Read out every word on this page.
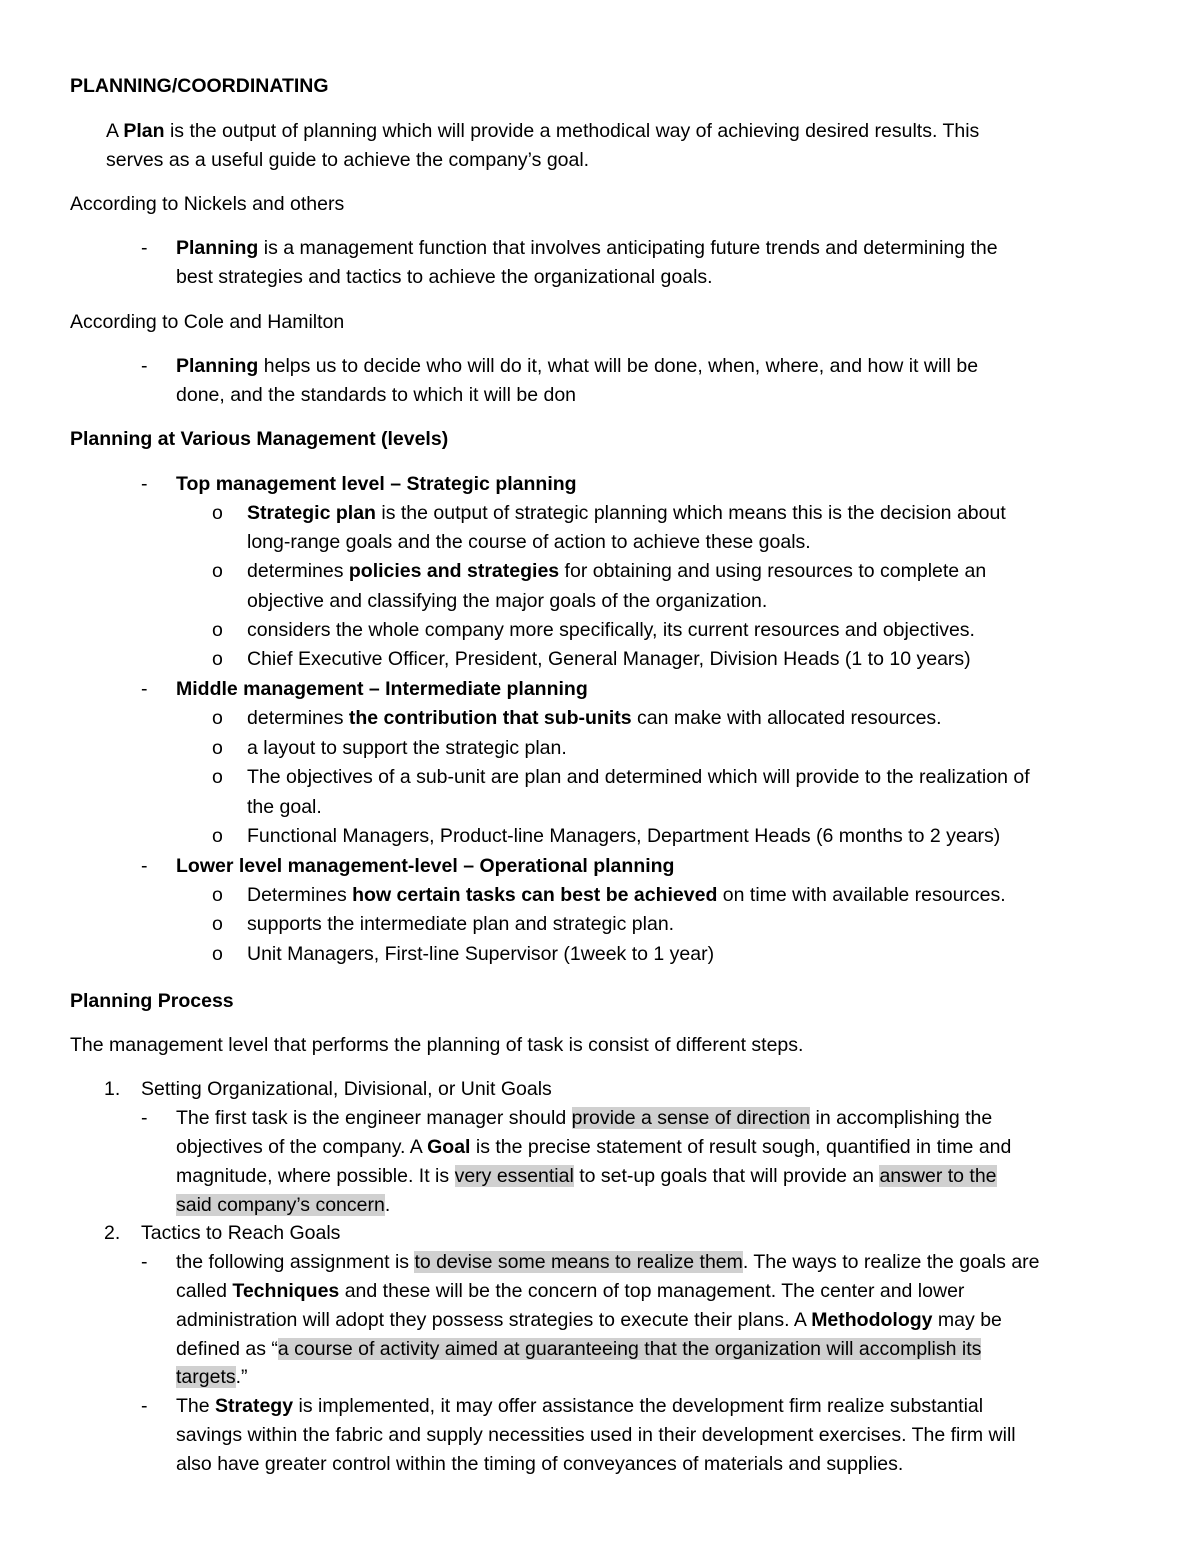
PLANNING/COORDINATING
A Plan is the output of planning which will provide a methodical way of achieving desired results. This
serves as a useful guide to achieve the company’s goal.
According to Nickels and others
- Planning is a management function that involves anticipating future trends and determining the
best strategies and tactics to achieve the organizational goals.
According to Cole and Hamilton
- Planning helps us to decide who will do it, what will be done, when, where, and how it will be
done, and the standards to which it will be don
Planning at Various Management (levels)
- Top management level – Strategic planning
o Strategic plan is the output of strategic planning which means this is the decision about
long-range goals and the course of action to achieve these goals.
o determines policies and strategies for obtaining and using resources to complete an
objective and classifying the major goals of the organization.
o considers the whole company more specifically, its current resources and objectives.
o Chief Executive Officer, President, General Manager, Division Heads (1 to 10 years)
- Middle management – Intermediate planning
o determines the contribution that sub-units can make with allocated resources.
o a layout to support the strategic plan.
o The objectives of a sub-unit are plan and determined which will provide to the realization of
the goal.
o Functional Managers, Product-line Managers, Department Heads (6 months to 2 years)
- Lower level management-level – Operational planning
o Determines how certain tasks can best be achieved on time with available resources.
o supports the intermediate plan and strategic plan.
o Unit Managers, First-line Supervisor (1week to 1 year)
Planning Process
The management level that performs the planning of task is consist of different steps.
1. Setting Organizational, Divisional, or Unit Goals
- The first task is the engineer manager should provide a sense of direction in accomplishing the
objectives of the company. A Goal is the precise statement of result sough, quantified in time and
magnitude, where possible. It is very essential to set-up goals that will provide an answer to the
said company’s concern.
2. Tactics to Reach Goals
- the following assignment is to devise some means to realize them. The ways to realize the goals are
called Techniques and these will be the concern of top management. The center and lower
administration will adopt they possess strategies to execute their plans. A Methodology may be
defined as “a course of activity aimed at guaranteeing that the organization will accomplish its
targets.”
- The Strategy is implemented, it may offer assistance the development firm realize substantial
savings within the fabric and supply necessities used in their development exercises. The firm will
also have greater control within the timing of conveyances of materials and supplies.
